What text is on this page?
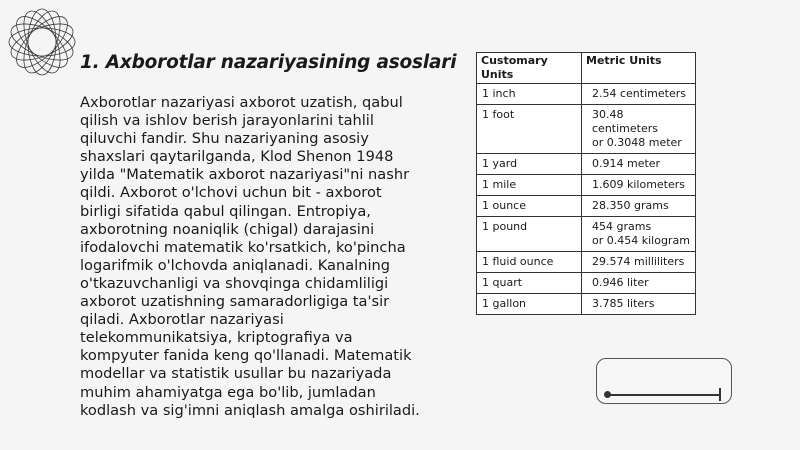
1. Axborotlar nazariyasining asoslari

Axborotlar nazariyasi axborot uzatish, qabul qilish va ishlov berish jarayonlarini tahlil qiluvchi fandir. Shu nazariyaning asosiy shaxslari qaytarilganda, Klod Shenon 1948 yilda "Matematik axborot nazariyasi"ni nashr qildi. Axborot o'lchovi uchun bit - axborot birligi sifatida qabul qilingan. Entropiya, axborotning noaniqlik (chigal) darajasini ifodalovchi matematik ko'rsatkich, ko'pincha logarifmik o'lchovda aniqlanadi. Kanalning o'tkazuvchanligi va shovqinga chidamliligi axborot uzatishning samaradorligiga ta'sir qiladi. Axborotlar nazariyasi telekommunikatsiya, kriptografiya va kompyuter fanida keng qo'llanadi. Matematik modellar va statistik usullar bu nazariyada muhim ahamiyatga ega bo'lib, jumladan kodlash va sig'imni aniqlash amalga oshiriladi.

Customary Units	Metric Units
1 inch	2.54 centimeters
1 foot	30.48 centimeters
or 0.3048 meter
1 yard	0.914 meter
1 mile	1.609 kilometers
1 ounce	28.350 grams
1 pound	454 grams
or 0.454 kilogram
1 fluid ounce	29.574 milliliters
1 quart	0.946 liter
1 gallon	3.785 liters
